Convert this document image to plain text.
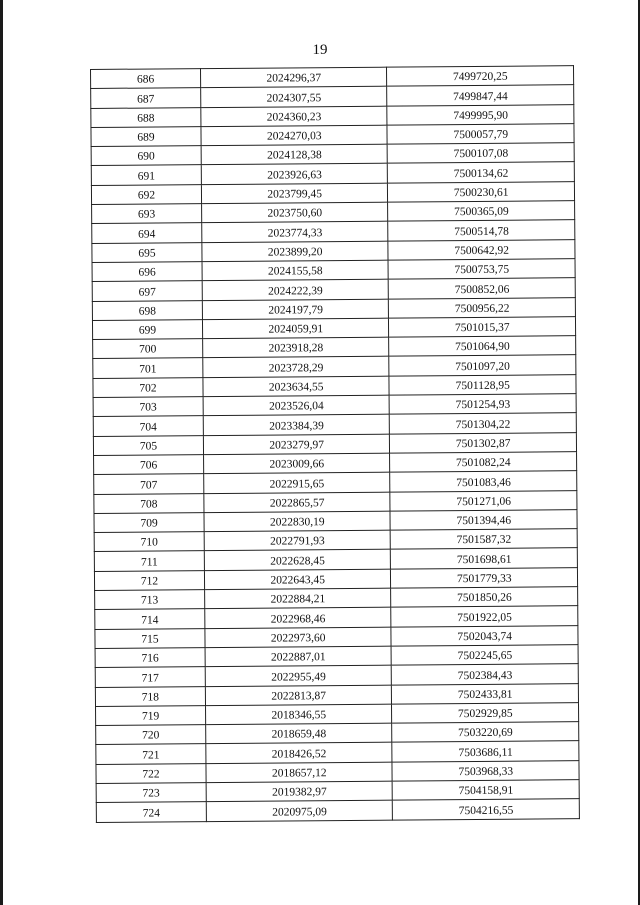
19
686	2024296,37	7499720,25
687	2024307,55	7499847,44
688	2024360,23	7499995,90
689	2024270,03	7500057,79
690	2024128,38	7500107,08
691	2023926,63	7500134,62
692	2023799,45	7500230,61
693	2023750,60	7500365,09
694	2023774,33	7500514,78
695	2023899,20	7500642,92
696	2024155,58	7500753,75
697	2024222,39	7500852,06
698	2024197,79	7500956,22
699	2024059,91	7501015,37
700	2023918,28	7501064,90
701	2023728,29	7501097,20
702	2023634,55	7501128,95
703	2023526,04	7501254,93
704	2023384,39	7501304,22
705	2023279,97	7501302,87
706	2023009,66	7501082,24
707	2022915,65	7501083,46
708	2022865,57	7501271,06
709	2022830,19	7501394,46
710	2022791,93	7501587,32
711	2022628,45	7501698,61
712	2022643,45	7501779,33
713	2022884,21	7501850,26
714	2022968,46	7501922,05
715	2022973,60	7502043,74
716	2022887,01	7502245,65
717	2022955,49	7502384,43
718	2022813,87	7502433,81
719	2018346,55	7502929,85
720	2018659,48	7503220,69
721	2018426,52	7503686,11
722	2018657,12	7503968,33
723	2019382,97	7504158,91
724	2020975,09	7504216,55
